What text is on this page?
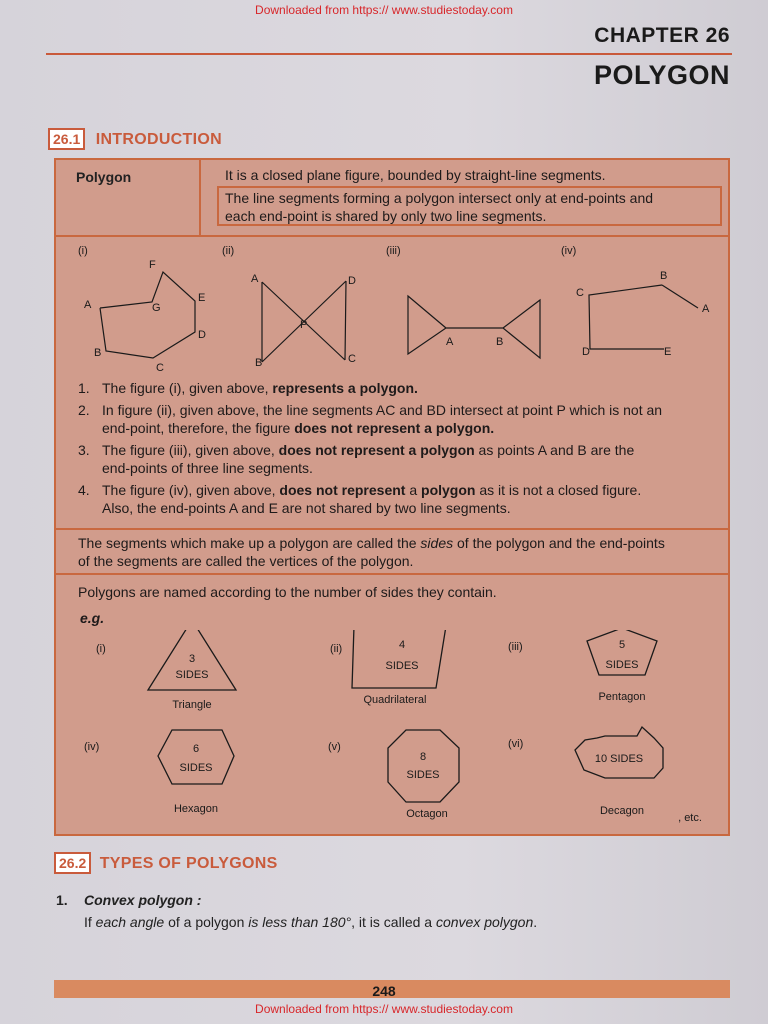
Downloaded from https:// www.studiestoday.com
CHAPTER 26
POLYGON
26.1 INTRODUCTION
Polygon	It is a closed plane figure, bounded by straight-line segments.
The line segments forming a polygon intersect only at end-points and
each end-point is shared by only two line segments.
(i)	(ii)	(iii)	(iv)
F
A	G
E
D
B
C
A	D
P
B	C
A	B
B
C
A
D	E
1. The figure (i), given above, represents a polygon.
2. In figure (ii), given above, the line segments AC and BD intersect at point P which is not an
end-point, therefore, the figure does not represent a polygon.
3. The figure (iii), given above, does not represent a polygon as points A and B are the
end-points of three line segments.
4. The figure (iv), given above, does not represent a polygon as it is not a closed figure.
Also, the end-points A and E are not shared by two line segments.
The segments which make up a polygon are called the sides of the polygon and the end-points
of the segments are called the vertices of the polygon.
Polygons are named according to the number of sides they contain.
e.g.
(i)
3
SIDES
Triangle
(ii)	4
SIDES
Quadrilateral
(iii)	5
SIDES
Pentagon
(iv)	6
SIDES
Hexagon
(v)
8
SIDES
Octagon
(vi)
10 SIDES
Decagon
, etc.
26.2 TYPES OF POLYGONS
1. Convex polygon :
If each angle of a polygon is less than 180°, it is called a convex polygon.
248
Downloaded from https:// www.studiestoday.com
